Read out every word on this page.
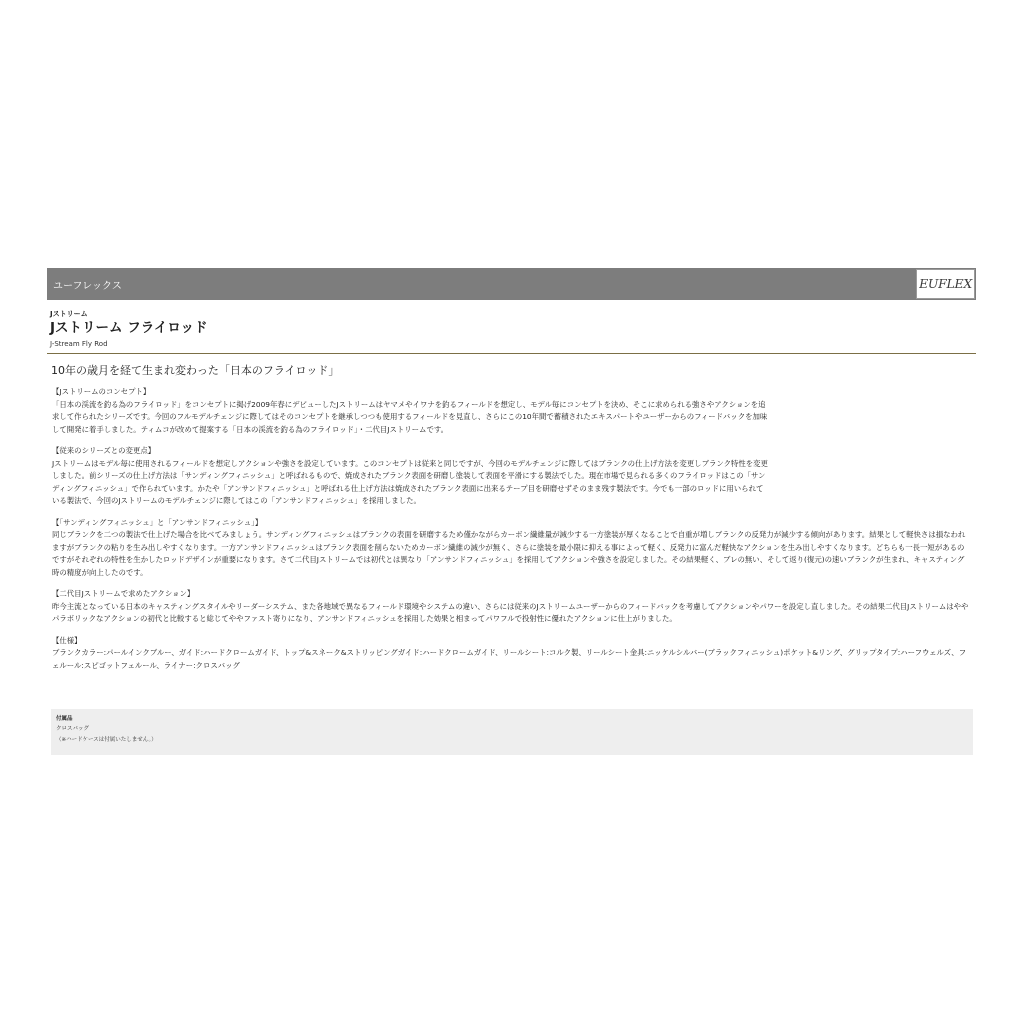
ユーフレックス	EUFLEX
Jストリーム
Jストリーム フライロッド
J-Stream Fly Rod
10年の歳月を経て生まれ変わった「日本のフライロッド」
【Jストリームのコンセプト】
「日本の渓流を釣る為のフライロッド」をコンセプトに掲げ2009年春にデビューしたJストリームはヤマメやイワナを釣るフィールドを想定し、モデル毎にコンセプトを決め、そこに求められる強さやアクションを追求して作られたシリーズです。今回のフルモデルチェンジに際してはそのコンセプトを継承しつつも使用するフィールドを見直し、さらにこの10年間で蓄積されたエキスパートやユーザーからのフィードバックを加味して開発に着手しました。ティムコが改めて提案する「日本の渓流を釣る為のフライロッド」・二代目Jストリームです。
【従来のシリーズとの変更点】
Jストリームはモデル毎に使用されるフィールドを想定しアクションや強さを設定しています。このコンセプトは従来と同じですが、今回のモデルチェンジに際してはブランクの仕上げ方法を変更しブランク特性を変更しました。前シリーズの仕上げ方法は「サンディングフィニッシュ」と呼ばれるもので、焼成されたブランク表面を研磨し塗装して表面を平滑にする製法でした。現在市場で見られる多くのフライロッドはこの「サンディングフィニッシュ」で作られています。かたや「アンサンドフィニッシュ」と呼ばれる仕上げ方法は焼成されたブランク表面に出来るテープ目を研磨せずそのまま残す製法です。今でも一部のロッドに用いられている製法で、今回のJストリームのモデルチェンジに際してはこの「アンサンドフィニッシュ」を採用しました。
【「サンディングフィニッシュ」と「アンサンドフィニッシュ」】
同じブランクを二つの製法で仕上げた場合を比べてみましょう。サンディングフィニッシュはブランクの表面を研磨するため僅かながらカーボン繊維量が減少する一方塗装が厚くなることで自重が増しブランクの反発力が減少する傾向があります。結果として軽快さは損なわれますがブランクの粘りを生み出しやすくなります。一方アンサンドフィニッシュはブランク表面を削らないためカーボン繊維の減少が無く、さらに塗装を最小限に抑える事によって軽く、反発力に富んだ軽快なアクションを生み出しやすくなります。どちらも一長一短があるのですがそれぞれの特性を生かしたロッドデザインが重要になります。さて二代目Jストリームでは初代とは異なり「アンサンドフィニッシュ」を採用してアクションや強さを設定しました。その結果軽く、ブレの無い、そして返り(復元)の速いブランクが生まれ、キャスティング時の精度が向上したのです。
【二代目Jストリームで求めたアクション】
昨今主流となっている日本のキャスティングスタイルやリーダーシステム、また各地域で異なるフィールド環境やシステムの違い、さらには従来のJストリームユーザーからのフィードバックを考慮してアクションやパワーを設定し直しました。その結果二代目Jストリームはややパラボリックなアクションの初代と比較すると総じてややファスト寄りになり、アンサンドフィニッシュを採用した効果と相まってパワフルで投射性に優れたアクションに仕上がりました。
【仕様】
ブランクカラー:パールインクブルー、ガイド:ハードクロームガイド、トップ&スネーク&ストリッピングガイド:ハードクロームガイド、リールシート:コルク製、リールシート金具:ニッケルシルバー(ブラックフィニッシュ)ポケット&リング、グリップタイプ:ハーフウェルズ、フェルール:スピゴットフェルール、ライナー:クロスバッグ
付属品
クロスバッグ
（※ハードケースは付属いたしません。）
